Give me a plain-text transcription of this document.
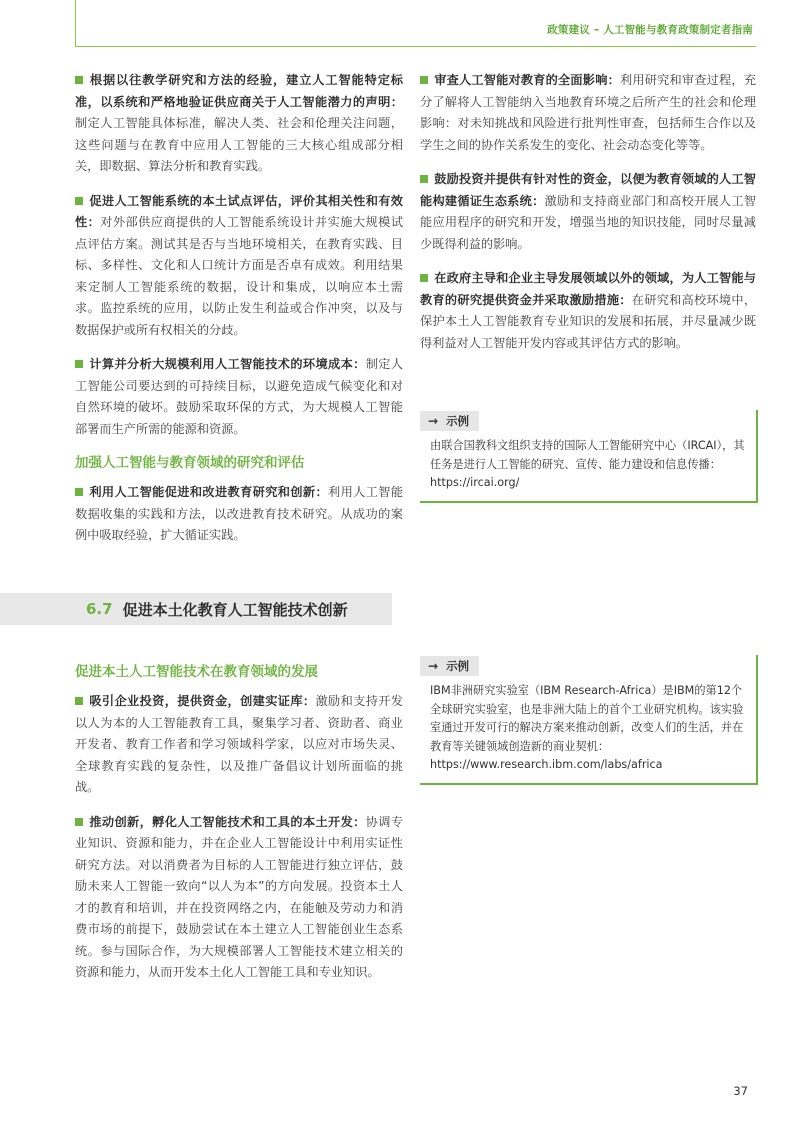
政策建议 – 人工智能与教育政策制定者指南

根据以往教学研究和方法的经验，建立人工智能特定标准，以系统和严格地验证供应商关于人工智能潜力的声明：制定人工智能具体标准，解决人类、社会和伦理关注问题，这些问题与在教育中应用人工智能的三大核心组成部分相关，即数据、算法分析和教育实践。

促进人工智能系统的本土试点评估，评价其相关性和有效性：对外部供应商提供的人工智能系统设计并实施大规模试点评估方案。测试其是否与当地环境相关，在教育实践、目标、多样性、文化和人口统计方面是否卓有成效。利用结果来定制人工智能系统的数据，设计和集成，以响应本土需求。监控系统的应用，以防止发生利益或合作冲突，以及与数据保护或所有权相关的分歧。

计算并分析大规模利用人工智能技术的环境成本：制定人工智能公司要达到的可持续目标，以避免造成气候变化和对自然环境的破坏。鼓励采取环保的方式，为大规模人工智能部署而生产所需的能源和资源。

加强人工智能与教育领域的研究和评估

利用人工智能促进和改进教育研究和创新：利用人工智能数据收集的实践和方法，以改进教育技术研究。从成功的案例中吸取经验，扩大循证实践。

审查人工智能对教育的全面影响：利用研究和审查过程，充分了解将人工智能纳入当地教育环境之后所产生的社会和伦理影响：对未知挑战和风险进行批判性审查，包括师生合作以及学生之间的协作关系发生的变化、社会动态变化等等。

鼓励投资并提供有针对性的资金，以便为教育领域的人工智能构建循证生态系统：激励和支持商业部门和高校开展人工智能应用程序的研究和开发，增强当地的知识技能，同时尽量减少既得利益的影响。

在政府主导和企业主导发展领域以外的领域，为人工智能与教育的研究提供资金并采取激励措施：在研究和高校环境中，保护本土人工智能教育专业知识的发展和拓展，并尽量减少既得利益对人工智能开发内容或其评估方式的影响。

→ 示例

由联合国教科文组织支持的国际人工智能研究中心（IRCAI），其任务是进行人工智能的研究、宣传、能力建设和信息传播：https://ircai.org/

6.7 促进本土化教育人工智能技术创新
促进本土人工智能技术在教育领域的发展

吸引企业投资，提供资金，创建实证库：激励和支持开发以人为本的人工智能教育工具，聚集学习者、资助者、商业开发者、教育工作者和学习领域科学家，以应对市场失灵、全球教育实践的复杂性，以及推广备倡议计划所面临的挑战。

推动创新，孵化人工智能技术和工具的本土开发：协调专业知识、资源和能力，并在企业人工智能设计中利用实证性研究方法。对以消费者为目标的人工智能进行独立评估，鼓励未来人工智能一致向“以人为本”的方向发展。投资本土人才的教育和培训，并在投资网络之内，在能触及劳动力和消费市场的前提下，鼓励尝试在本土建立人工智能创业生态系统。参与国际合作，为大规模部署人工智能技术建立相关的资源和能力，从而开发本土化人工智能工具和专业知识。

→ 示例

IBM非洲研究实验室（IBM Research-Africa）是IBM的第12个全球研究实验室，也是非洲大陆上的首个工业研究机构。该实验室通过开发可行的解决方案来推动创新，改变人们的生活，并在教育等关键领域创造新的商业契机：https://www.research.ibm.com/labs/africa

37
